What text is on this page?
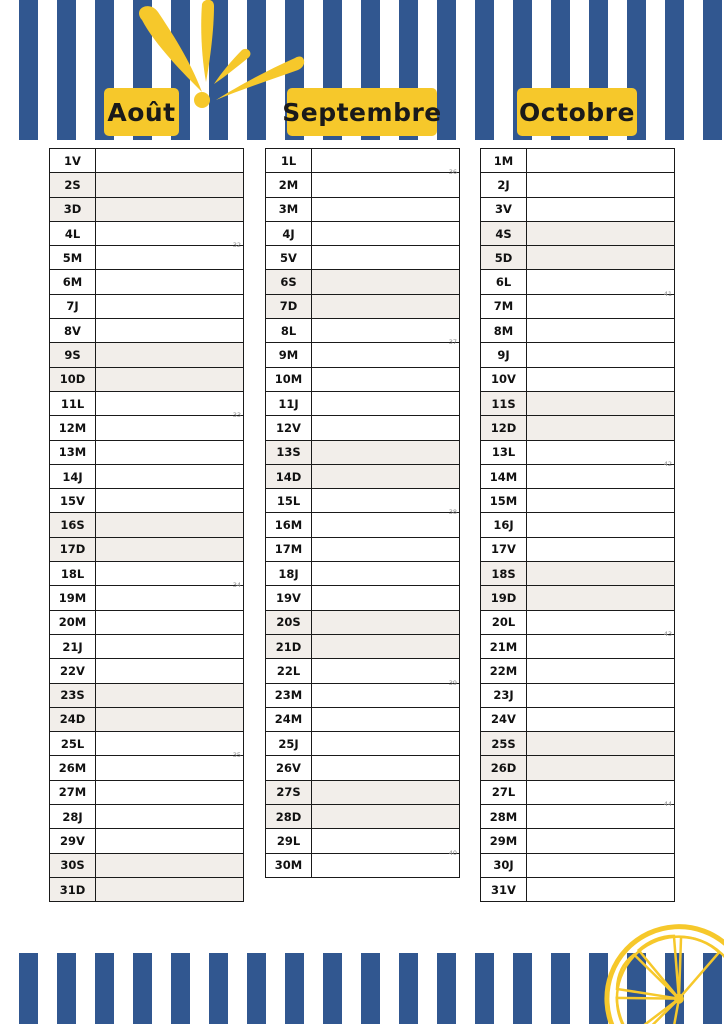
Août	Septembre	Octobre
1V	
2S	
3D	
4L	32

5M	
6M	
7J	
8V	
9S	
10D	
11L	33

12M	
13M	
14J	
15V	
16S	
17D	
18L	34

19M	
20M	
21J	
22V	
23S	
24D	
25L	35

26M	
27M	
28J	
29V	
30S	
31D	
1L	36

2M	
3M	
4J	
5V	
6S	
7D	
8L	37

9M	
10M	
11J	
12V	
13S	
14D	
15L	38

16M	
17M	
18J	
19V	
20S	
21D	
22L	39

23M	
24M	
25J	
26V	
27S	
28D	
29L	40

30M	
1M	
2J	
3V	
4S	
5D	
6L	41

7M	
8M	
9J	
10V	
11S	
12D	
13L	42

14M	
15M	
16J	
17V	
18S	
19D	
20L	43

21M	
22M	
23J	
24V	
25S	
26D	
27L	44

28M	
29M	
30J	
31V	
